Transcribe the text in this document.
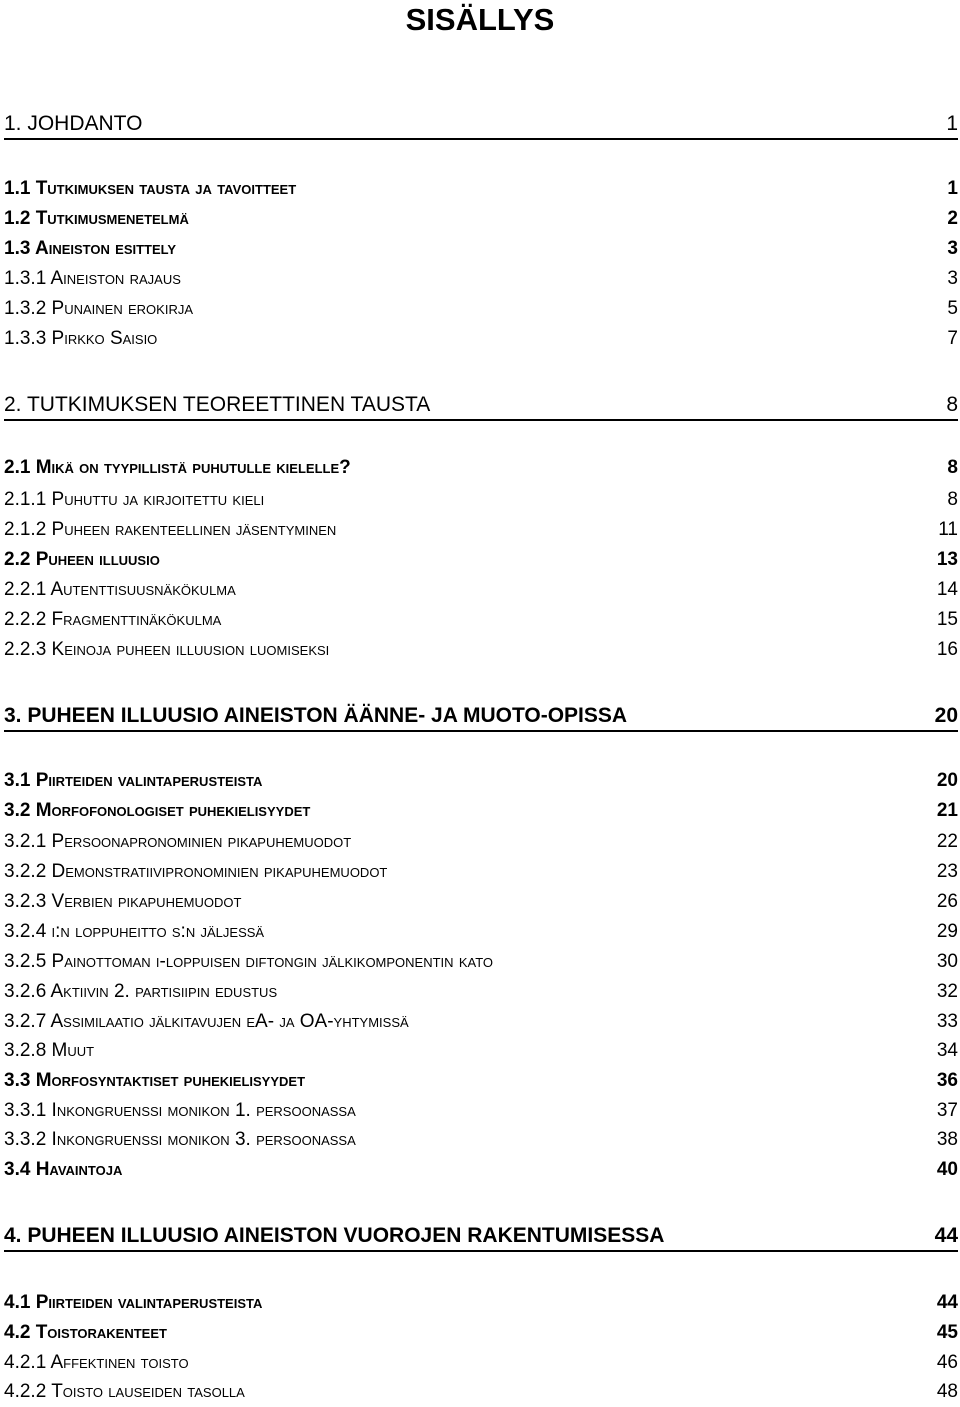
SISÄLLYS
1. JOHDANTO	1
1.1 Tutkimuksen tausta ja tavoitteet	1
1.2 Tutkimusmenetelmä	2
1.3 Aineiston esittely	3
1.3.1 Aineiston rajaus	3
1.3.2 Punainen erokirja	5
1.3.3 Pirkko Saisio	7
2. TUTKIMUKSEN TEOREETTINEN TAUSTA	8
2.1 Mikä on tyypillistä puhutulle kielelle?	8
2.1.1 Puhuttu ja kirjoitettu kieli	8
2.1.2 Puheen rakenteellinen jäsentyminen	11
2.2 Puheen illuusio	13
2.2.1 Autenttisuusnäkökulma	14
2.2.2 Fragmenttinäkökulma	15
2.2.3 Keinoja puheen illuusion luomiseksi	16
3. PUHEEN ILLUUSIO AINEISTON ÄÄNNE- JA MUOTO-OPISSA	20
3.1 Piirteiden valintaperusteista	20
3.2 Morfofonologiset puhekielisyydet	21
3.2.1 Persoonapronominien pikapuhemuodot	22
3.2.2 Demonstratiivipronominien pikapuhemuodot	23
3.2.3 Verbien pikapuhemuodot	26
3.2.4 i:n loppuheitto s:n jäljessä	29
3.2.5 Painottoman i-loppuisen diftongin jälkikomponentin kato	30
3.2.6 Aktiivin 2. partisiipin edustus	32
3.2.7 Assimilaatio jälkitavujen eA- ja OA-yhtymissä	33
3.2.8 Muut	34
3.3 Morfosyntaktiset puhekielisyydet	36
3.3.1 Inkongruenssi monikon 1. persoonassa	37
3.3.2 Inkongruenssi monikon 3. persoonassa	38
3.4 Havaintoja	40
4. PUHEEN ILLUUSIO AINEISTON VUOROJEN RAKENTUMISESSA	44
4.1 Piirteiden valintaperusteista	44
4.2 Toistorakenteet	45
4.2.1 Affektinen toisto	46
4.2.2 Toisto lauseiden tasolla	48
